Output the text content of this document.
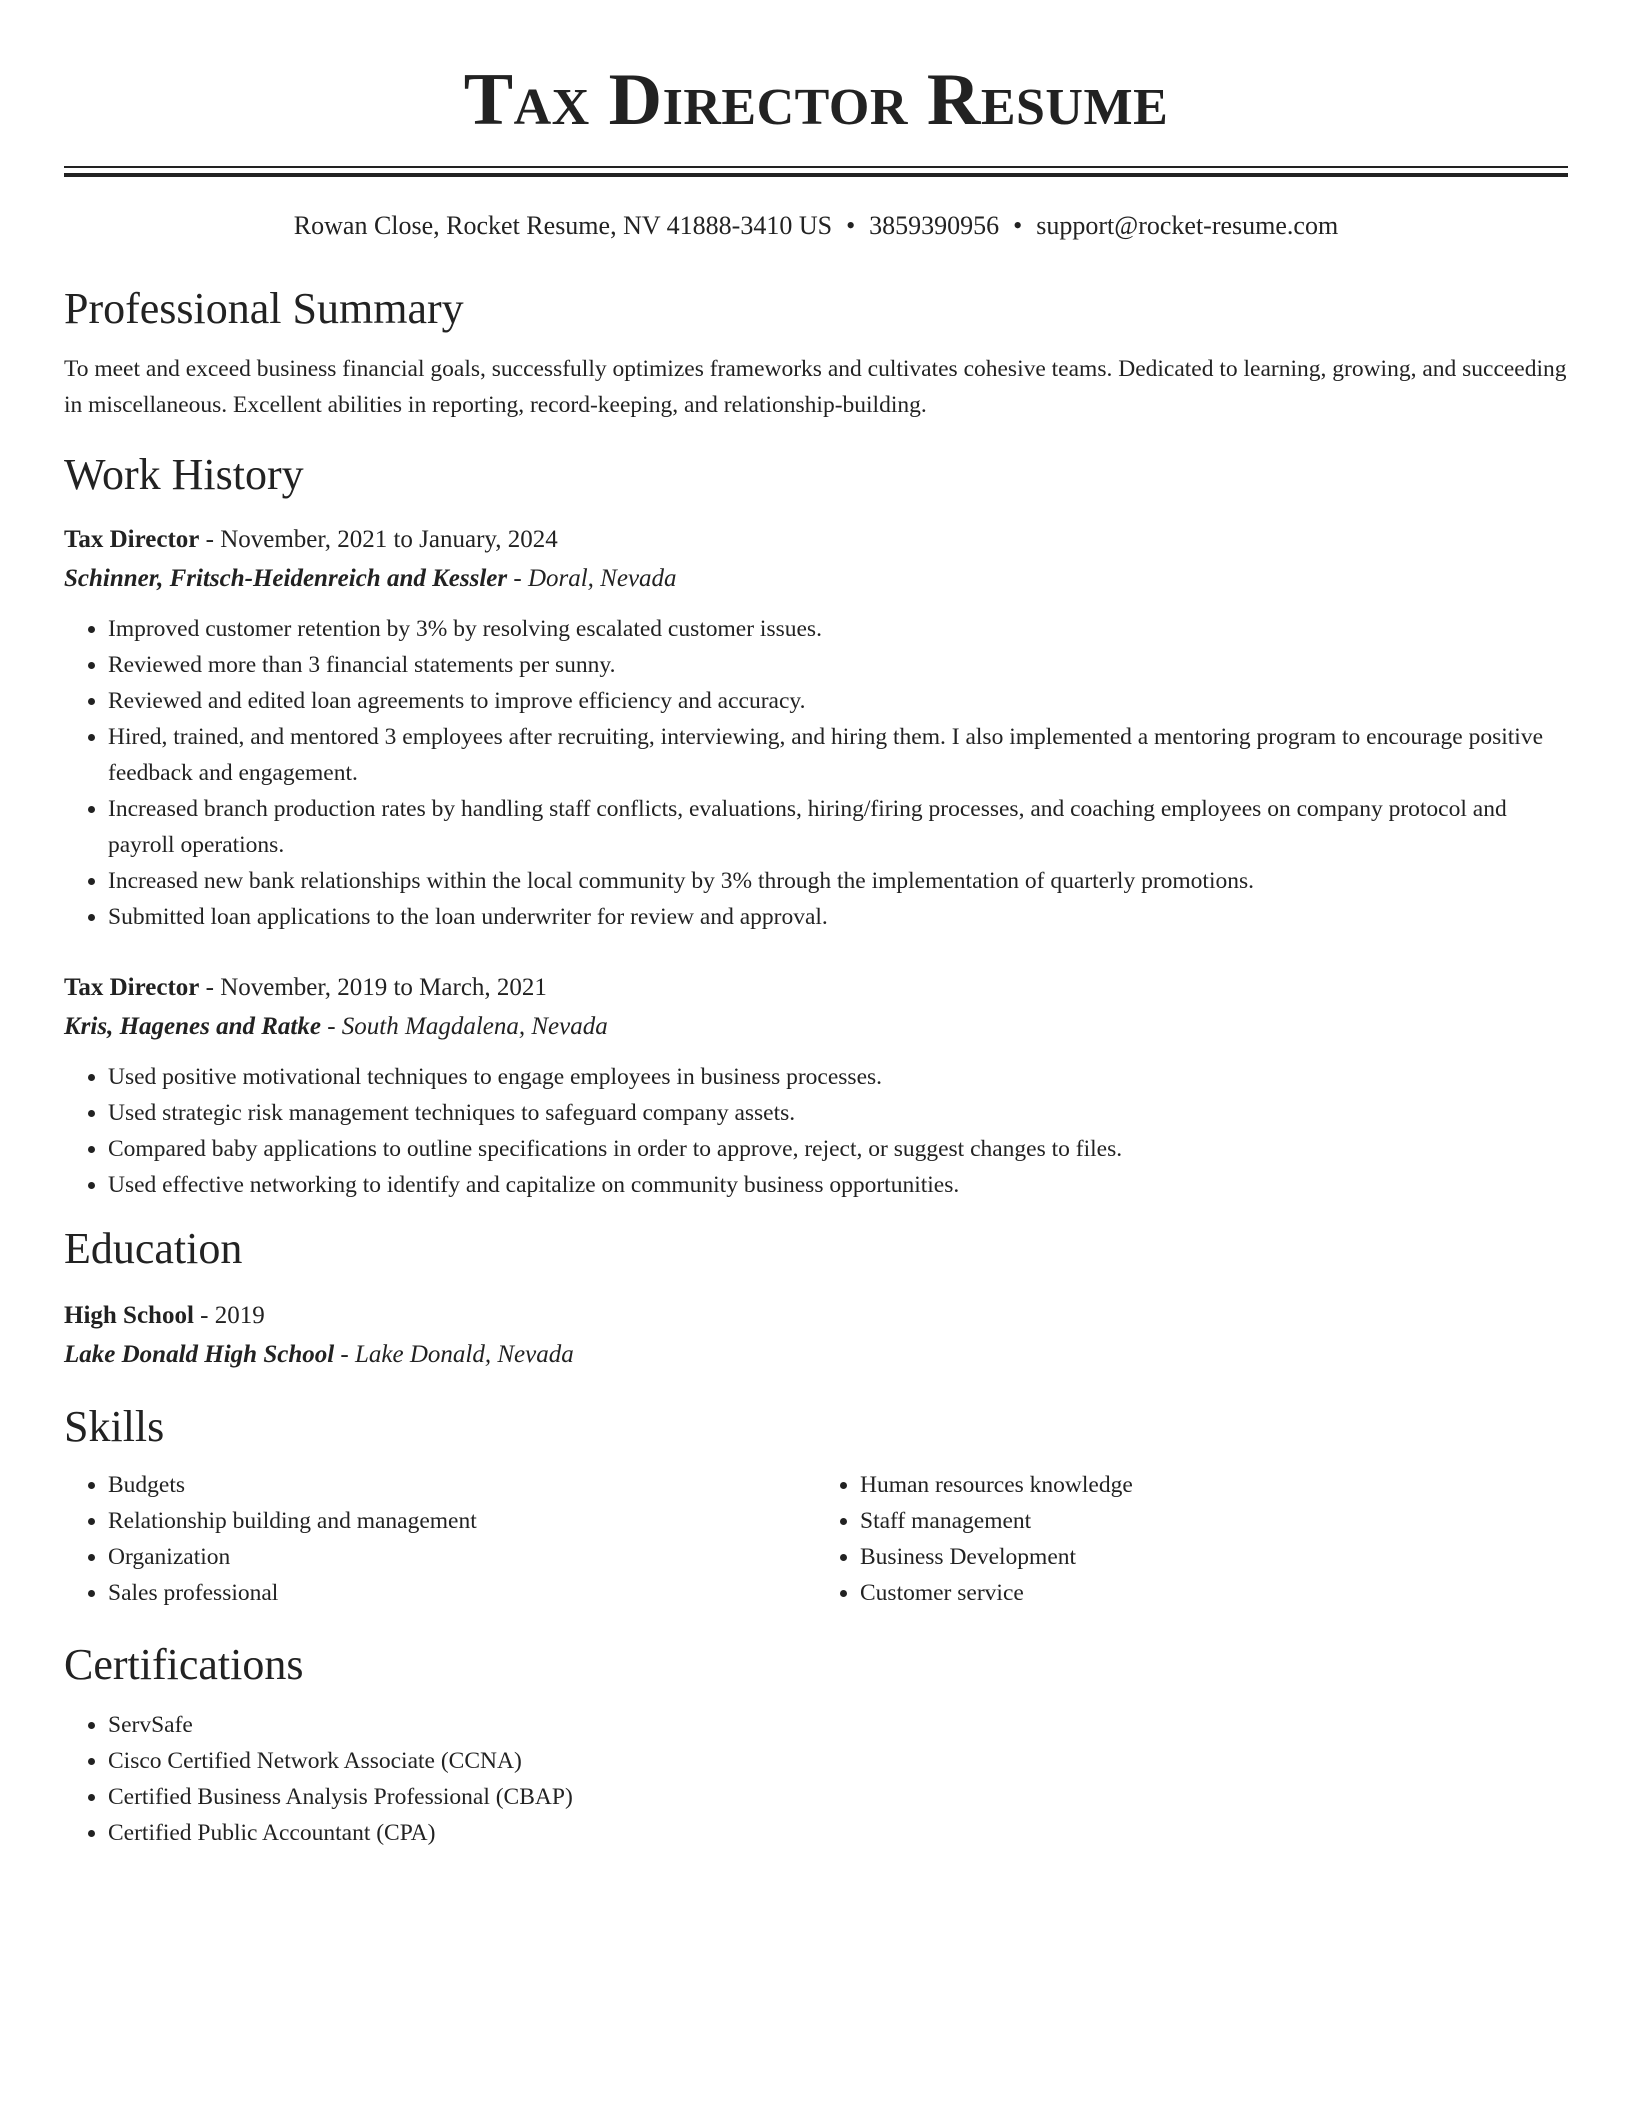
Tax Director Resume
Rowan Close, Rocket Resume, NV 41888-3410 US • 3859390956 • support@rocket-resume.com
Professional Summary

To meet and exceed business financial goals, successfully optimizes frameworks and cultivates cohesive teams. Dedicated to learning, growing, and succeeding in miscellaneous. Excellent abilities in reporting, record-keeping, and relationship-building.

Work History
Tax Director - November, 2021 to January, 2024
Schinner, Fritsch-Heidenreich and Kessler - Doral, Nevada
• Improved customer retention by 3% by resolving escalated customer issues.
• Reviewed more than 3 financial statements per sunny.
• Reviewed and edited loan agreements to improve efficiency and accuracy.
• Hired, trained, and mentored 3 employees after recruiting, interviewing, and hiring them. I also implemented a mentoring program to encourage positive feedback and engagement.
• Increased branch production rates by handling staff conflicts, evaluations, hiring/firing processes, and coaching employees on company protocol and payroll operations.
• Increased new bank relationships within the local community by 3% through the implementation of quarterly promotions.
• Submitted loan applications to the loan underwriter for review and approval.
Tax Director - November, 2019 to March, 2021
Kris, Hagenes and Ratke - South Magdalena, Nevada
• Used positive motivational techniques to engage employees in business processes.
• Used strategic risk management techniques to safeguard company assets.
• Compared baby applications to outline specifications in order to approve, reject, or suggest changes to files.
• Used effective networking to identify and capitalize on community business opportunities.
Education
High School - 2019
Lake Donald High School - Lake Donald, Nevada
Skills
• Budgets
• Relationship building and management
• Organization
• Sales professional
• Human resources knowledge
• Staff management
• Business Development
• Customer service
Certifications
• ServSafe
• Cisco Certified Network Associate (CCNA)
• Certified Business Analysis Professional (CBAP)
• Certified Public Accountant (CPA)
